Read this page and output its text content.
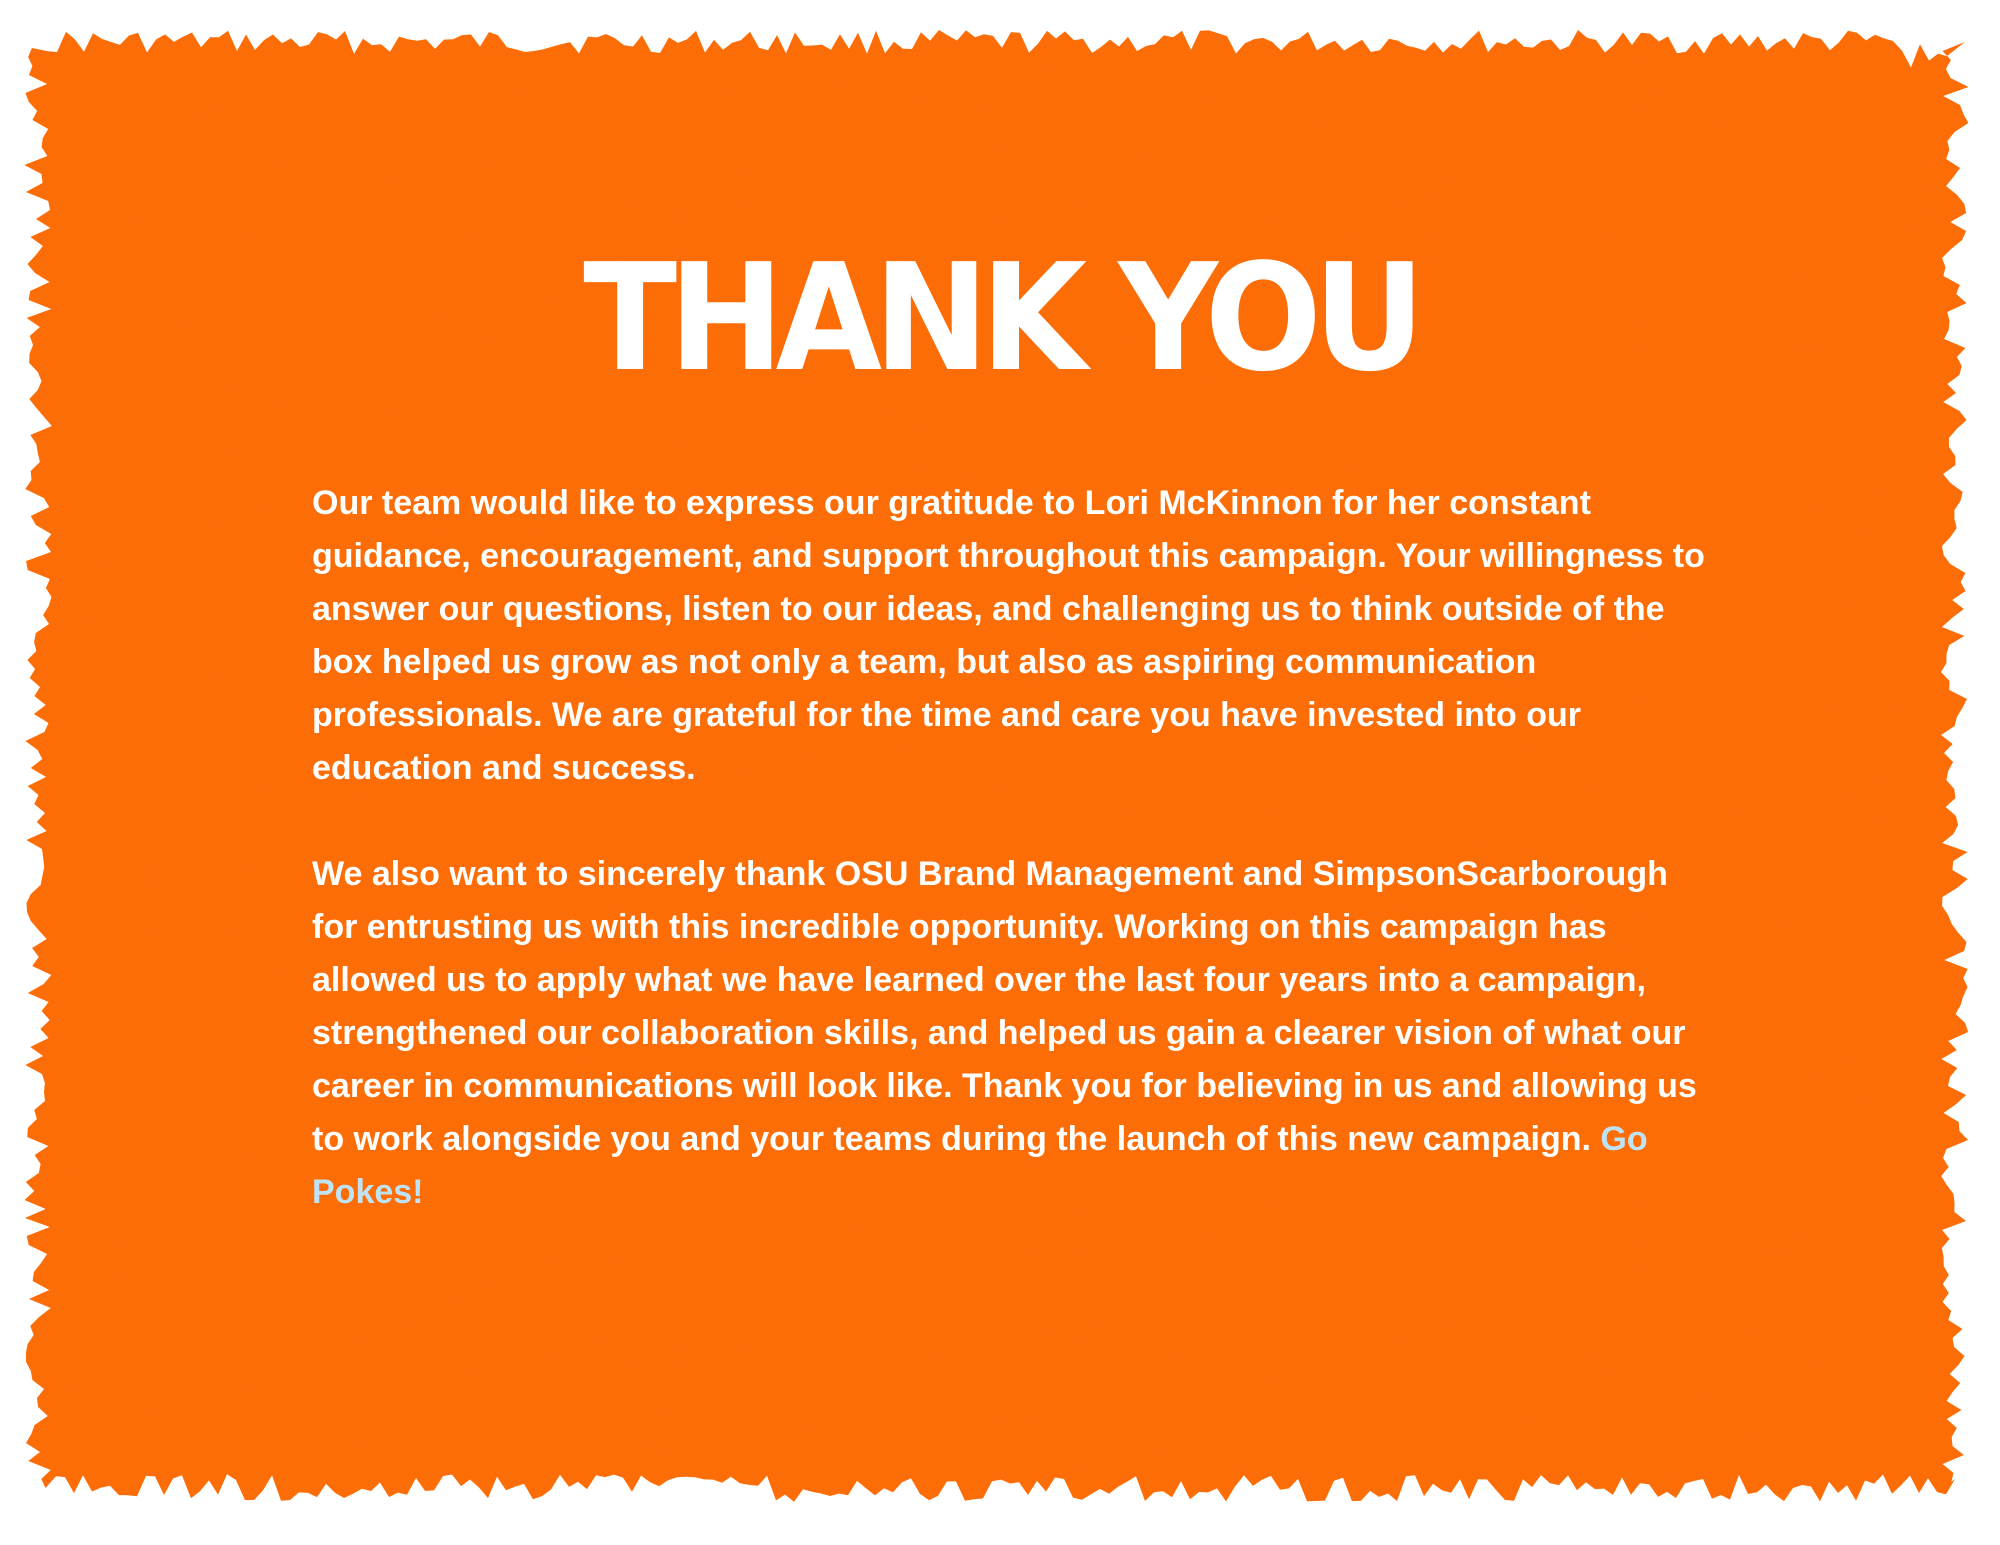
THANK YOU

Our team would like to express our gratitude to Lori McKinnon for her constant guidance, encouragement, and support throughout this campaign. Your willingness to answer our questions, listen to our ideas, and challenging us to think outside of the box helped us grow as not only a team, but also as aspiring communication professionals. We are grateful for the time and care you have invested into our education and success.

We also want to sincerely thank OSU Brand Management and SimpsonScarborough for entrusting us with this incredible opportunity. Working on this campaign has allowed us to apply what we have learned over the last four years into a campaign, strengthened our collaboration skills, and helped us gain a clearer vision of what our career in communications will look like. Thank you for believing in us and allowing us to work alongside you and your teams during the launch of this new campaign. Go Pokes!
